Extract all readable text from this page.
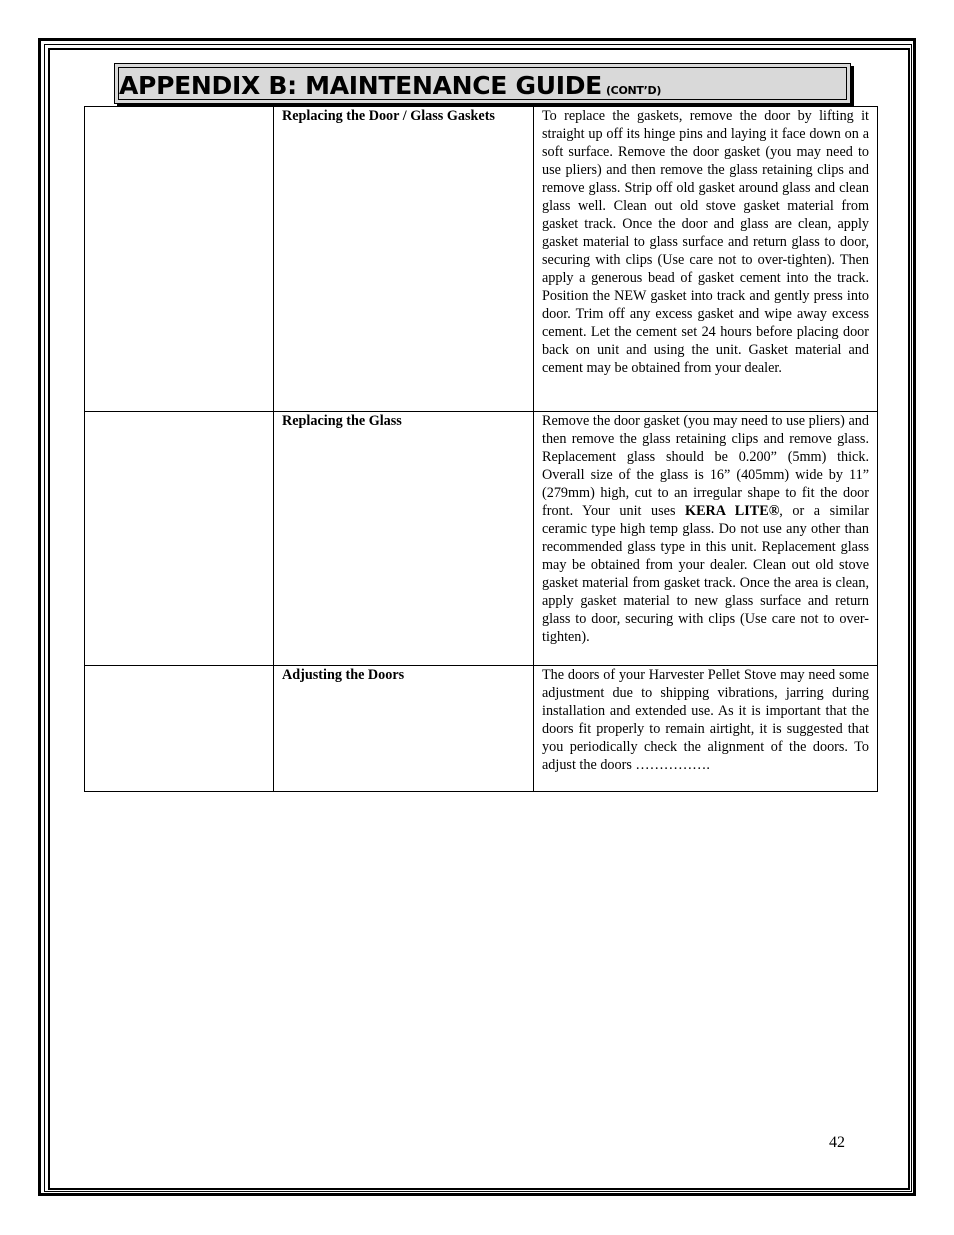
APPENDIX B: MAINTENANCE GUIDE (CONT’D)
	Replacing the Door / Glass Gaskets	To replace the gaskets, remove the door by lifting it straight up off its hinge pins and laying it face down on a soft surface. Remove the door gasket (you may need to use pliers) and then remove the glass retaining clips and remove glass. Strip off old gasket around glass and clean glass well. Clean out old stove gasket material from gasket track. Once the door and glass are clean, apply gasket material to glass surface and return glass to door, securing with clips (Use care not to over-tighten). Then apply a generous bead of gasket cement into the track. Position the NEW gasket into track and gently press into door. Trim off any excess gasket and wipe away excess cement. Let the cement set 24 hours before placing door back on unit and using the unit. Gasket material and cement may be obtained from your dealer.
	Replacing the Glass	Remove the door gasket (you may need to use pliers) and then remove the glass retaining clips and remove glass. Replacement glass should be 0.200” (5mm) thick. Overall size of the glass is 16” (405mm) wide by 11” (279mm) high, cut to an irregular shape to fit the door front. Your unit uses KERA LITE®, or a similar ceramic type high temp glass. Do not use any other than recommended glass type in this unit. Replacement glass may be obtained from your dealer. Clean out old stove gasket material from gasket track. Once the area is clean, apply gasket material to new glass surface and return glass to door, securing with clips (Use care not to over-tighten).
	Adjusting the Doors	The doors of your Harvester Pellet Stove may need some adjustment due to shipping vibrations, jarring during installation and extended use. As it is important that the doors fit properly to remain airtight, it is suggested that you periodically check the alignment of the doors. To adjust the doors …………….
42
